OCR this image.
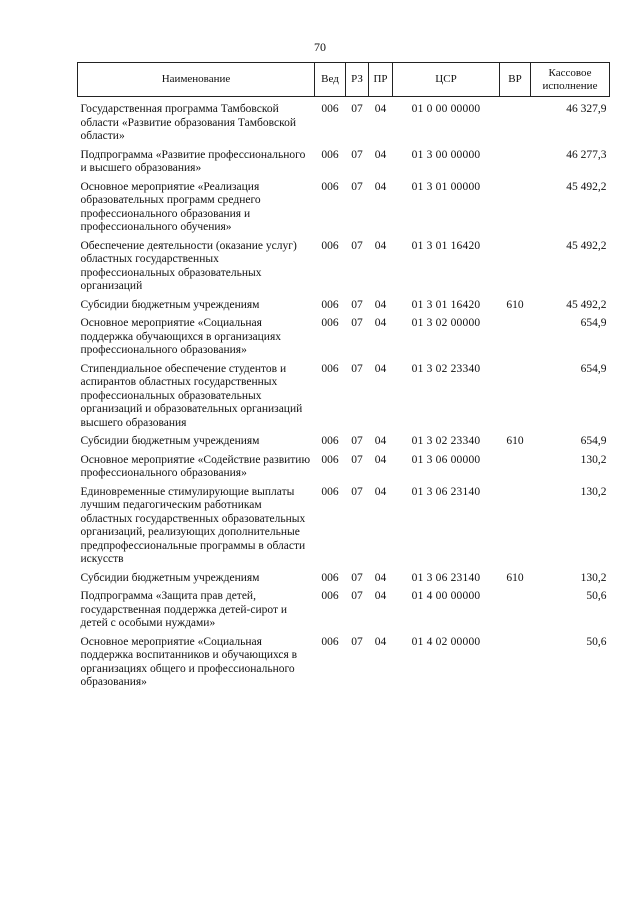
70
Наименование	Вед	РЗ	ПР	ЦСР	ВР	Кассовое исполнение
Государственная программа Тамбовской области «Развитие образования Тамбовской области»	006	07	04	01 0 00 00000		46 327,9
Подпрограмма «Развитие профессионального и высшего образования»	006	07	04	01 3 00 00000		46 277,3
Основное мероприятие «Реализация образовательных программ среднего профессионального образования и профессионального обучения»	006	07	04	01 3 01 00000		45 492,2
Обеспечение деятельности (оказание услуг) областных государственных профессиональных образовательных организаций	006	07	04	01 3 01 16420		45 492,2
Субсидии бюджетным учреждениям	006	07	04	01 3 01 16420	610	45 492,2
Основное мероприятие «Социальная поддержка обучающихся в организациях профессионального образования»	006	07	04	01 3 02 00000		654,9
Стипендиальное обеспечение студентов и аспирантов областных государственных профессиональных образовательных организаций и образовательных организаций высшего образования	006	07	04	01 3 02 23340		654,9
Субсидии бюджетным учреждениям	006	07	04	01 3 02 23340	610	654,9
Основное мероприятие «Содействие развитию профессионального образования»	006	07	04	01 3 06 00000		130,2
Единовременные стимулирующие выплаты лучшим педагогическим работникам областных государственных образовательных организаций, реализующих дополнительные предпрофессиональные программы в области искусств	006	07	04	01 3 06 23140		130,2
Субсидии бюджетным учреждениям	006	07	04	01 3 06 23140	610	130,2
Подпрограмма «Защита прав детей, государственная поддержка детей-сирот и детей с особыми нуждами»	006	07	04	01 4 00 00000		50,6
Основное мероприятие «Социальная поддержка воспитанников и обучающихся в организациях общего и профессионального образования»	006	07	04	01 4 02 00000		50,6
